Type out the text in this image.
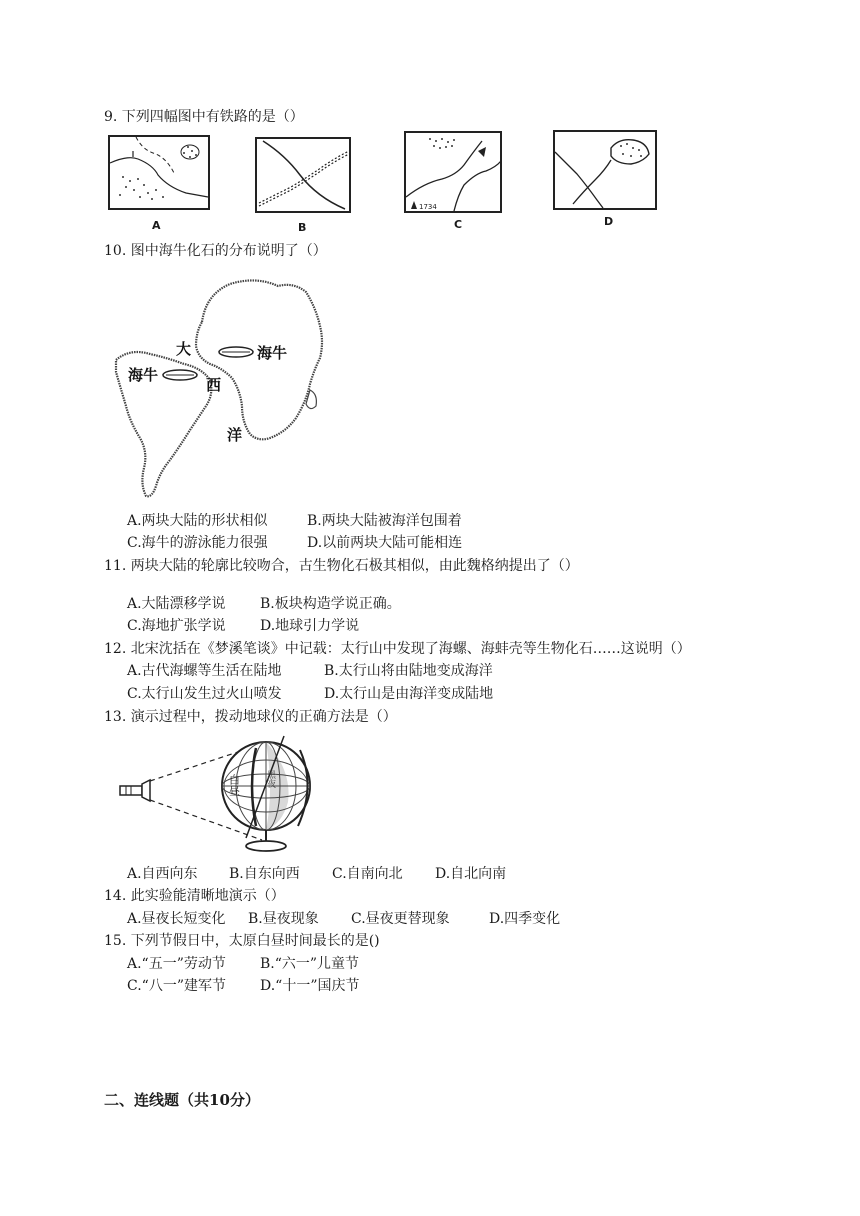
9. 下列四幅图中有铁路的是（）
A	B
1734
C	D
10. 图中海牛化石的分布说明了（）
海牛
海牛
大
西
洋
A.两块大陆的形状相似	B.两块大陆被海洋包围着
C.海牛的游泳能力很强	D.以前两块大陆可能相连
11. 两块大陆的轮廓比较吻合，古生物化石极其相似，由此魏格纳提出了（）
A.大陆漂移学说 B.板块构造学说正确。
C.海地扩张学说 D.地球引力学说
12. 北宋沈括在《梦溪笔谈》中记载：太行山中发现了海螺、海蚌壳等生物化石……这说明（）
A.古代海螺等生活在陆地	B.太行山将由陆地变成海洋
C.太行山发生过火山喷发	D.太行山是由海洋变成陆地
13. 演示过程中，拨动地球仪的正确方法是（）
白昼	黑夜
A.自西向东 B.自东向西 C.自南向北 D.自北向南
14. 此实验能清晰地演示（）
A.昼夜长短变化 B.昼夜现象 C.昼夜更替现象	D.四季变化
15. 下列节假日中，太原白昼时间最长的是()
A.“五一”劳动节 B.“六一”儿童节
C.“八一”建军节 D.“十一”国庆节
二、连线题（共10分）
